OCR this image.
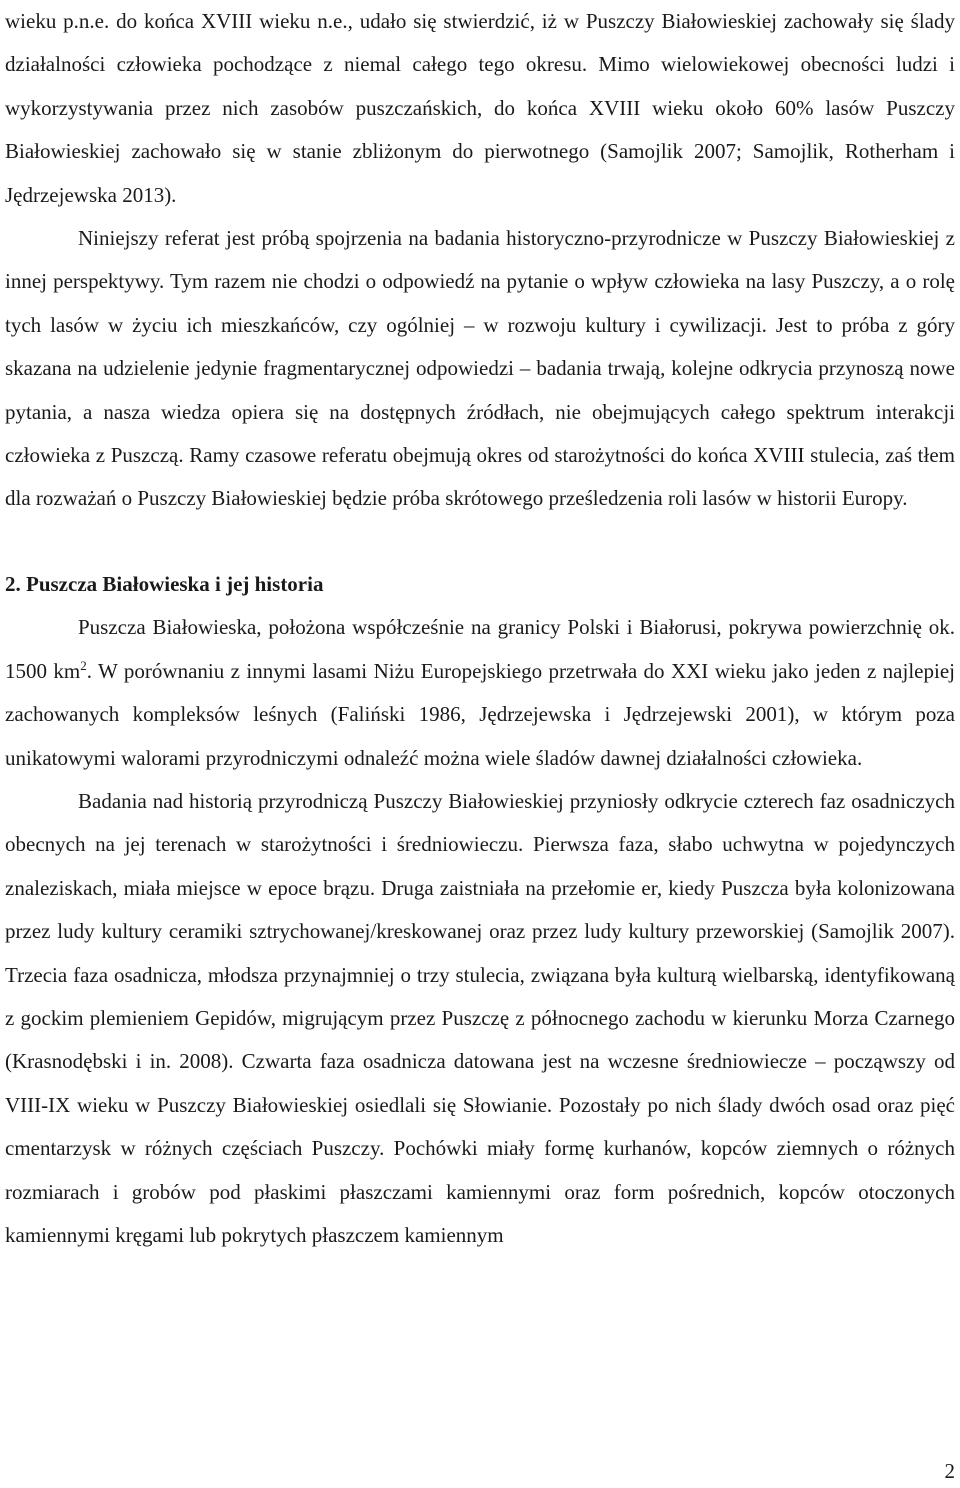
wieku p.n.e. do końca XVIII wieku n.e., udało się stwierdzić, iż w Puszczy Białowieskiej zachowały się ślady działalności człowieka pochodzące z niemal całego tego okresu. Mimo wielowiekowej obecności ludzi i wykorzystywania przez nich zasobów puszczańskich, do końca XVIII wieku około 60% lasów Puszczy Białowieskiej zachowało się w stanie zbliżonym do pierwotnego (Samojlik 2007; Samojlik, Rotherham i Jędrzejewska 2013).

Niniejszy referat jest próbą spojrzenia na badania historyczno-przyrodnicze w Puszczy Białowieskiej z innej perspektywy. Tym razem nie chodzi o odpowiedź na pytanie o wpływ człowieka na lasy Puszczy, a o rolę tych lasów w życiu ich mieszkańców, czy ogólniej – w rozwoju kultury i cywilizacji. Jest to próba z góry skazana na udzielenie jedynie fragmentarycznej odpowiedzi – badania trwają, kolejne odkrycia przynoszą nowe pytania, a nasza wiedza opiera się na dostępnych źródłach, nie obejmujących całego spektrum interakcji człowieka z Puszczą. Ramy czasowe referatu obejmują okres od starożytności do końca XVIII stulecia, zaś tłem dla rozważań o Puszczy Białowieskiej będzie próba skrótowego prześledzenia roli lasów w historii Europy.

2. Puszcza Białowieska i jej historia

Puszcza Białowieska, położona współcześnie na granicy Polski i Białorusi, pokrywa powierzchnię ok. 1500 $km^2$. W porównaniu z innymi lasami Niżu Europejskiego przetrwała do XXI wieku jako jeden z najlepiej zachowanych kompleksów leśnych (Faliński 1986, Jędrzejewska i Jędrzejewski 2001), w którym poza unikatowymi walorami przyrodniczymi odnaleźć można wiele śladów dawnej działalności człowieka.

Badania nad historią przyrodniczą Puszczy Białowieskiej przyniosły odkrycie czterech faz osadniczych obecnych na jej terenach w starożytności i średniowieczu. Pierwsza faza, słabo uchwytna w pojedynczych znaleziskach, miała miejsce w epoce brązu. Druga zaistniała na przełomie er, kiedy Puszcza była kolonizowana przez ludy kultury ceramiki sztrychowanej/kreskowanej oraz przez ludy kultury przeworskiej (Samojlik 2007). Trzecia faza osadnicza, młodsza przynajmniej o trzy stulecia, związana była kulturą wielbarską, identyfikowaną z gockim plemieniem Gepidów, migrującym przez Puszczę z północnego zachodu w kierunku Morza Czarnego (Krasnodębski i in. 2008). Czwarta faza osadnicza datowana jest na wczesne średniowiecze – począwszy od VIII-IX wieku w Puszczy Białowieskiej osiedlali się Słowianie. Pozostały po nich ślady dwóch osad oraz pięć cmentarzysk w różnych częściach Puszczy. Pochówki miały formę kurhanów, kopców ziemnych o różnych rozmiarach i grobów pod płaskimi płaszczami kamiennymi oraz form pośrednich, kopców otoczonych kamiennymi kręgami lub pokrytych płaszczem kamiennym

2
